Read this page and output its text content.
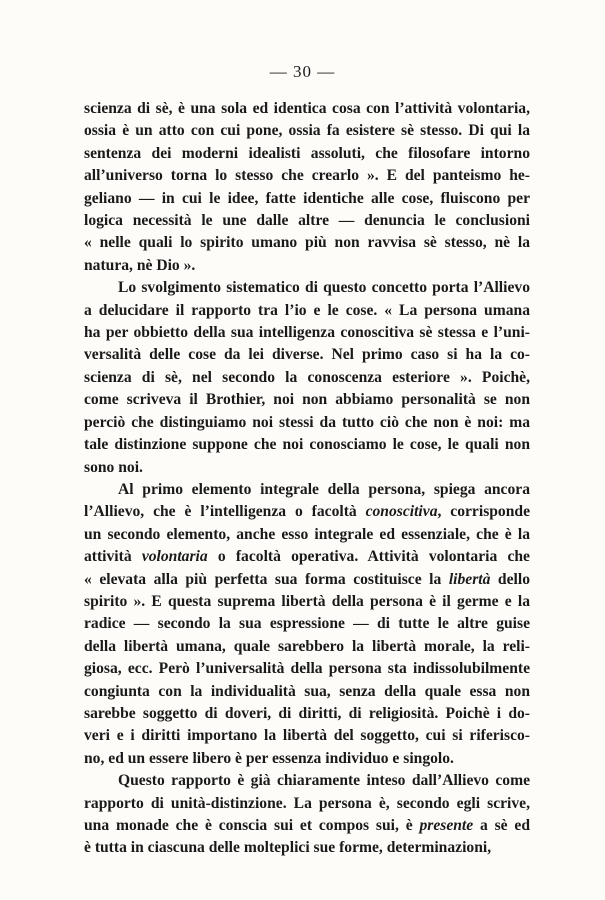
— 30 —
scienza di sè, è una sola ed identica cosa con l’attività volontaria,
ossia è un atto con cui pone, ossia fa esistere sè stesso. Di qui la
sentenza dei moderni idealisti assoluti, che filosofare intorno
all’universo torna lo stesso che crearlo ». E del panteismo he-
geliano — in cui le idee, fatte identiche alle cose, fluiscono per
logica necessità le une dalle altre — denuncia le conclusioni
« nelle quali lo spirito umano più non ravvisa sè stesso, nè la
natura, nè Dio ».
Lo svolgimento sistematico di questo concetto porta l’Allievo
a delucidare il rapporto tra l’io e le cose. « La persona umana
ha per obbietto della sua intelligenza conoscitiva sè stessa e l’uni-
versalità delle cose da lei diverse. Nel primo caso si ha la co-
scienza di sè, nel secondo la conoscenza esteriore ». Poichè,
come scriveva il Brothier, noi non abbiamo personalità se non
perciò che distinguiamo noi stessi da tutto ciò che non è noi: ma
tale distinzione suppone che noi conosciamo le cose, le quali non
sono noi.
Al primo elemento integrale della persona, spiega ancora
l’Allievo, che è l’intelligenza o facoltà conoscitiva, corrisponde
un secondo elemento, anche esso integrale ed essenziale, che è la
attività volontaria o facoltà operativa. Attività volontaria che
« elevata alla più perfetta sua forma costituisce la libertà dello
spirito ». E questa suprema libertà della persona è il germe e la
radice — secondo la sua espressione — di tutte le altre guise
della libertà umana, quale sarebbero la libertà morale, la reli-
giosa, ecc. Però l’universalità della persona sta indissolubilmente
congiunta con la individualità sua, senza della quale essa non
sarebbe soggetto di doveri, di diritti, di religiosità. Poichè i do-
veri e i diritti importano la libertà del soggetto, cui si riferisco-
no, ed un essere libero è per essenza individuo e singolo.
Questo rapporto è già chiaramente inteso dall’Allievo come
rapporto di unità-distinzione. La persona è, secondo egli scrive,
una monade che è conscia sui et compos sui, è presente a sè ed
è tutta in ciascuna delle molteplici sue forme, determinazioni,
